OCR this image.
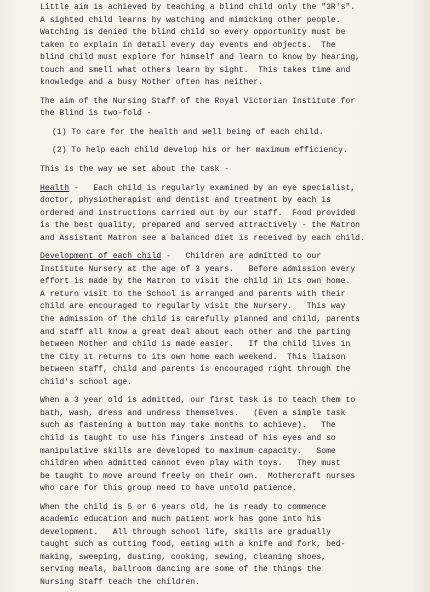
Little aim is achieved by teaching a blind child only the "3R's".
A sighted child learns by watching and mimicking other people.
Watching is denied the blind child so every opportunity must be
taken to explain in detail every day events and objects.  The
blind child must explore for himself and learn to know by hearing,
touch and smell what others learn by sight.  This takes time and
knowledge and a busy Mother often has neither.
The aim of the Nursing Staff of the Royal Victorian Institute for
the Blind is two-fold -
(1) To care for the health and well being of each child.
(2) To help each child develop his or her maximum efficiency.
This is the way we set about the task -
Health -   Each child is regularly examined by an eye specialist,
doctor, physiotherapist and dentist and treatment by each is
ordered and instructions carried out by our staff.  Food provided
is the best quality, prepared and served attractively - the Matron
and Assistant Matron see a balanced diet is received by each child.
Development of each child -   Children are admitted to our
Institute Nursery at the age of 3 years.   Before admission every
effort is made by the Matron to visit the child in its own home.
A return visit to the School is arranged and parents with their
child are encouraged to regularly visit the Nursery.   This way
the admission of the child is carefully planned and child, parents
and staff all know a great deal about each other and the parting
between Mother and child is made easier.   If the child lives in
the City it returns to its own home each weekend.  This liaison
between staff, child and parents is encouraged right through the
child's school age.
When a 3 year old is admitted, our first task is to teach them to
bath, wash, dress and undress themselves.   (Even a simple task
such as fastening a button may take months to achieve).   The
child is taught to use his fingers instead of his eyes and so
manipulative skills are developed to maximum capacity.   Some
children when admitted cannot even play with toys.   They must
be taught to move around freely on their own.  Mothercraft nurses
who care for this group need to have untold patience.
When the child is 5 or 6 years old, he is ready to commence
academic education and much patient work has gone into his
development.   All through school life, skills are gradually
taught such as cutting food, eating with a knife and fork, bed-
making, sweeping, dusting, cooking, sewing, cleaning shoes,
serving meals, ballroom dancing are some of the things the
Nursing Staff teach the children.
